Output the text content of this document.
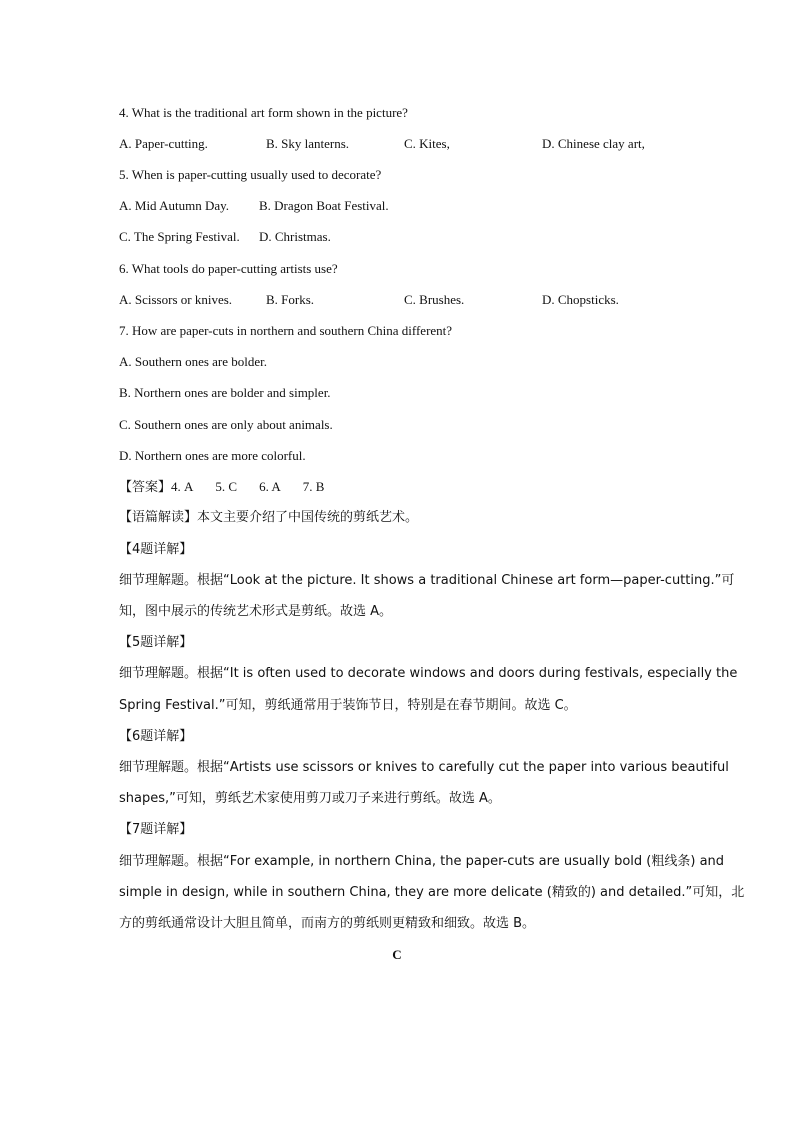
4. What is the traditional art form shown in the picture?
A. Paper-cutting.	B. Sky lanterns.	C. Kites,	D. Chinese clay art,
5. When is paper-cutting usually used to decorate?
A. Mid Autumn Day. B. Dragon Boat Festival.
C. The Spring Festival. D. Christmas.
6. What tools do paper-cutting artists use?
A. Scissors or knives.	B. Forks.	C. Brushes.	D. Chopsticks.
7. How are paper-cuts in northern and southern China different?
A. Southern ones are bolder.
B. Northern ones are bolder and simpler.
C. Southern ones are only about animals.
D. Northern ones are more colorful.
【答案】4. A 5. C 6. A 7. B
【语篇解读】本文主要介绍了中国传统的剪纸艺术。
【4题详解】
细节理解题。根据“Look at the picture. It shows a traditional Chinese art form—paper-cutting.”可
知，图中展示的传统艺术形式是剪纸。故选 A。
【5题详解】
细节理解题。根据“It is often used to decorate windows and doors during festivals, especially the
Spring Festival.”可知，剪纸通常用于装饰节日，特别是在春节期间。故选 C。
【6题详解】
细节理解题。根据“Artists use scissors or knives to carefully cut the paper into various beautiful
shapes,”可知，剪纸艺术家使用剪刀或刀子来进行剪纸。故选 A。
【7题详解】
细节理解题。根据“For example, in northern China, the paper-cuts are usually bold (粗线条) and
simple in design, while in southern China, they are more delicate (精致的) and detailed.”可知，北
方的剪纸通常设计大胆且简单，而南方的剪纸则更精致和细致。故选 B。
C
